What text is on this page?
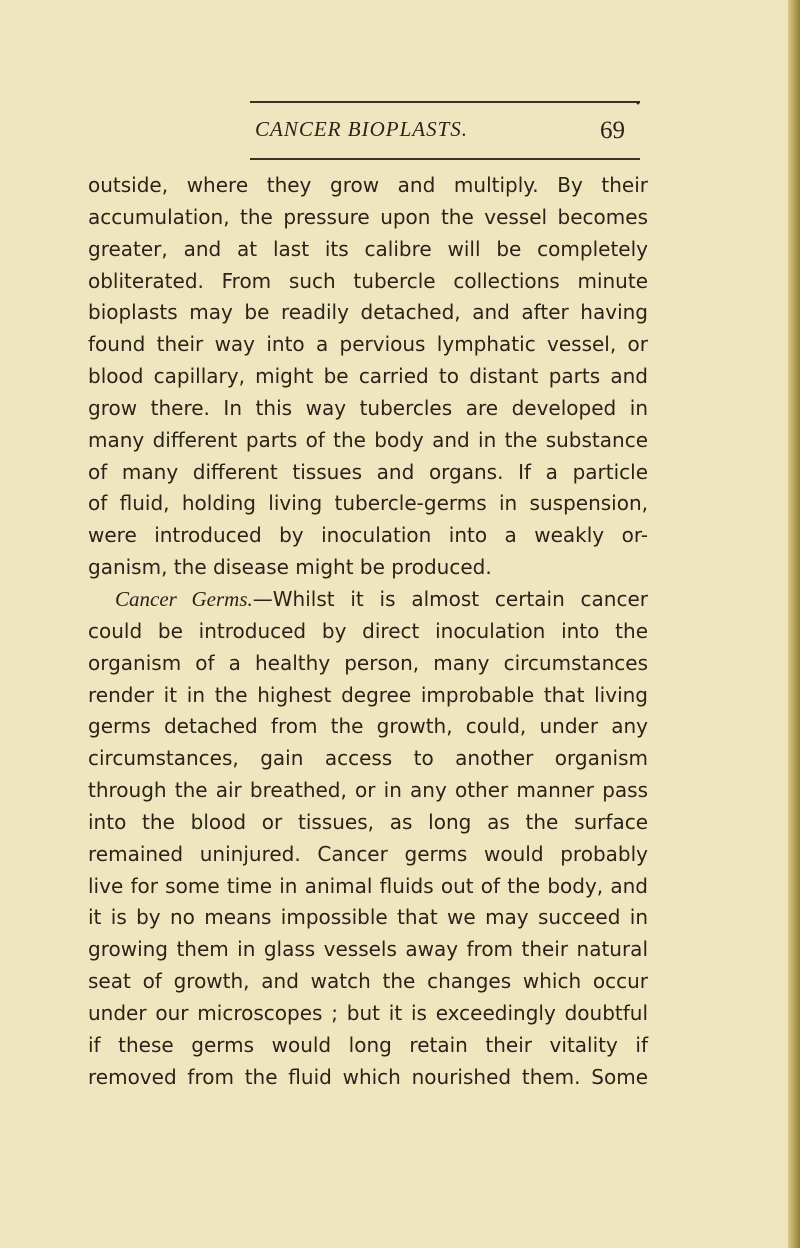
•
CANCER BIOPLASTS.	69
outside, where they grow and multiply. By their
accumulation, the pressure upon the vessel becomes
greater, and at last its calibre will be completely
obliterated. From such tubercle collections minute
bioplasts may be readily detached, and after having
found their way into a pervious lymphatic vessel, or
blood capillary, might be carried to distant parts and
grow there. In this way tubercles are developed in
many different parts of the body and in the substance
of many different tissues and organs. If a particle
of fluid, holding living tubercle-germs in suspension,
were introduced by inoculation into a weakly or-
ganism, the disease might be produced.
Cancer Germs.—Whilst it is almost certain cancer
could be introduced by direct inoculation into the
organism of a healthy person, many circumstances
render it in the highest degree improbable that living
germs detached from the growth, could, under any
circumstances, gain access to another organism
through the air breathed, or in any other manner pass
into the blood or tissues, as long as the surface
remained uninjured. Cancer germs would probably
live for some time in animal fluids out of the body, and
it is by no means impossible that we may succeed in
growing them in glass vessels away from their natural
seat of growth, and watch the changes which occur
under our microscopes ; but it is exceedingly doubtful
if these germs would long retain their vitality if
removed from the fluid which nourished them. Some
